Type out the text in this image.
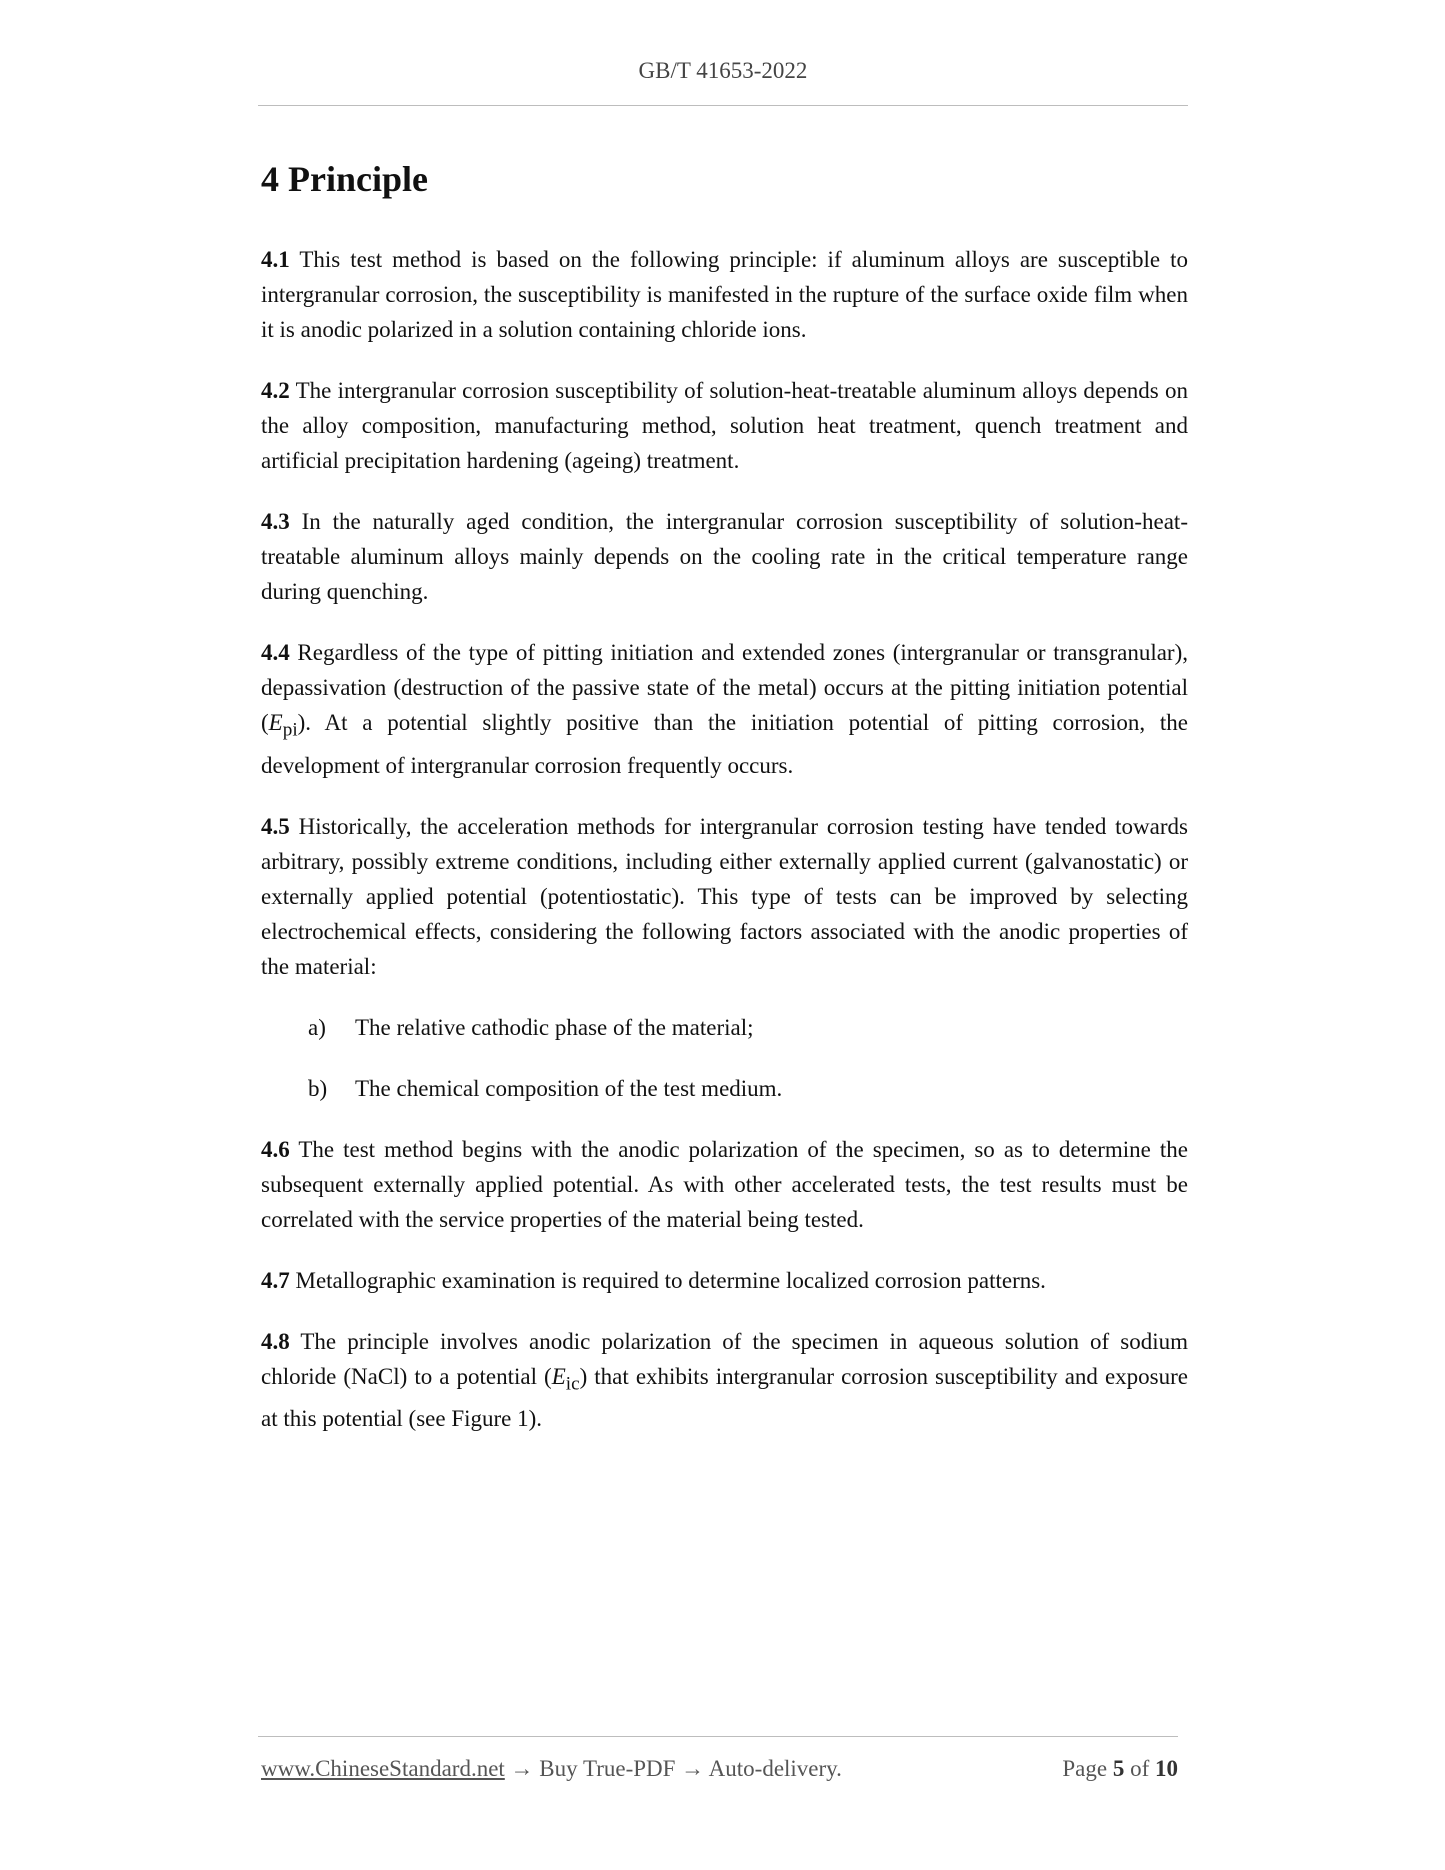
GB/T 41653-2022
4 Principle

4.1 This test method is based on the following principle: if aluminum alloys are susceptible to intergranular corrosion, the susceptibility is manifested in the rupture of the surface oxide film when it is anodic polarized in a solution containing chloride ions.

4.2 The intergranular corrosion susceptibility of solution-heat-treatable aluminum alloys depends on the alloy composition, manufacturing method, solution heat treatment, quench treatment and artificial precipitation hardening (ageing) treatment.

4.3 In the naturally aged condition, the intergranular corrosion susceptibility of solution-heat-treatable aluminum alloys mainly depends on the cooling rate in the critical temperature range during quenching.

4.4 Regardless of the type of pitting initiation and extended zones (intergranular or transgranular), depassivation (destruction of the passive state of the metal) occurs at the pitting initiation potential $(E_{pi})$. At a potential slightly positive than the initiation potential of pitting corrosion, the development of intergranular corrosion frequently occurs.

4.5 Historically, the acceleration methods for intergranular corrosion testing have tended towards arbitrary, possibly extreme conditions, including either externally applied current (galvanostatic) or externally applied potential (potentiostatic). This type of tests can be improved by selecting electrochemical effects, considering the following factors associated with the anodic properties of the material:

a)	The relative cathodic phase of the material;
b)	The chemical composition of the test medium.

4.6 The test method begins with the anodic polarization of the specimen, so as to determine the subsequent externally applied potential. As with other accelerated tests, the test results must be correlated with the service properties of the material being tested.

4.7 Metallographic examination is required to determine localized corrosion patterns.

4.8 The principle involves anodic polarization of the specimen in aqueous solution of sodium chloride (NaCl) to a potential $(E_{ic})$ that exhibits intergranular corrosion susceptibility and exposure at this potential (see Figure 1).

www.ChineseStandard.net → Buy True-PDF → Auto-delivery.	Page 5 of 10
